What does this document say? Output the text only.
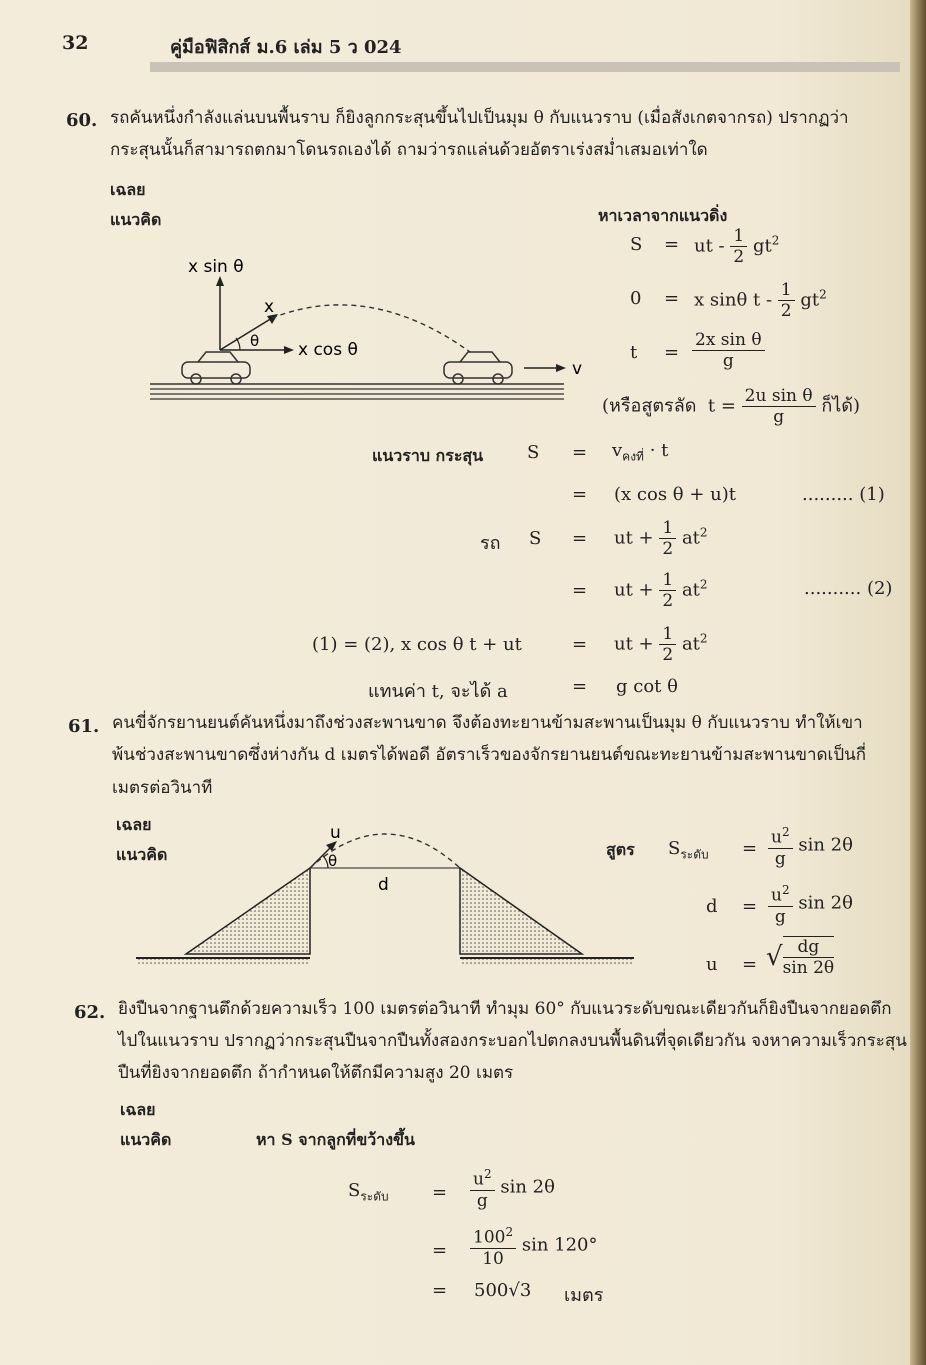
32	คู่มือฟิสิกส์ ม.6 เล่ม 5 ว 024
60. รถคันหนึ่งกำลังแล่นบนพื้นราบ ก็ยิงลูกกระสุนขึ้นไปเป็นมุม θ กับแนวราบ (เมื่อสังเกตจากรถ) ปรากฏว่า
กระสุนนั้นก็สามารถตกมาโดนรถเองได้ ถามว่ารถแล่นด้วยอัตราเร่งสม่ำเสมอเท่าใด
เฉลย
แนวคิด
x sin θ
x
θ x cos θ
v
หาเวลาจากแนวดิ่ง
S = ut - $\frac{1}{2} gt^2$
0 = x sinθ t - $\frac{1}{2} gt^2$
$t = \frac{\text{2x sin θ}}{g}$
(หรือสูตรลัด $t = \frac{\text{2u sin θ}}{g}$ ก็ได้)
แนวราบ กระสุน $S = v_{คงที่} \cdot t$
= (x cos θ + u)t	......... (1)
รถ S = ut + $\frac{1}{2} at^2$
= ut + $\frac{1}{2} at^2$	.......... (2)
(1) = (2), x cos θ t + ut	= ut + $\frac{1}{2} at^2$
แทนค่า t, จะได้ a	= g cot θ
61. คนขี่จักรยานยนต์คันหนึ่งมาถึงช่วงสะพานขาด จึงต้องทะยานข้ามสะพานเป็นมุม θ กับแนวราบ ทำให้เขา
พ้นช่วงสะพานขาดซึ่งห่างกัน d เมตรได้พอดี อัตราเร็วของจักรยานยนต์ขณะทะยานข้ามสะพานขาดเป็นกี่
เมตรต่อวินาที
เฉลย
แนวคิด
u
θ
d
สูตร $S_{ระดับ} = \frac{u^2}{g}$ sin 2θ
$d = \frac{u^2}{g}$ sin 2θ
u = √ $\frac{dg}{\sin 2\theta}$
62. ยิงปืนจากฐานตึกด้วยความเร็ว 100 เมตรต่อวินาที ทำมุม 60° กับแนวระดับขณะเดียวกันก็ยิงปืนจากยอดตึก
ไปในแนวราบ ปรากฏว่ากระสุนปืนจากปืนทั้งสองกระบอกไปตกลงบนพื้นดินที่จุดเดียวกัน จงหาความเร็วกระสุน
ปืนที่ยิงจากยอดตึก ถ้ากำหนดให้ตึกมีความสูง 20 เมตร
เฉลย
แนวคิด	หา S จากลูกที่ขว้างขึ้น
$S_{ระดับ} = \frac{u^2}{g}$ sin 2θ
= $\frac{100^2}{10}$ sin 120°
= 500√3 เมตร
